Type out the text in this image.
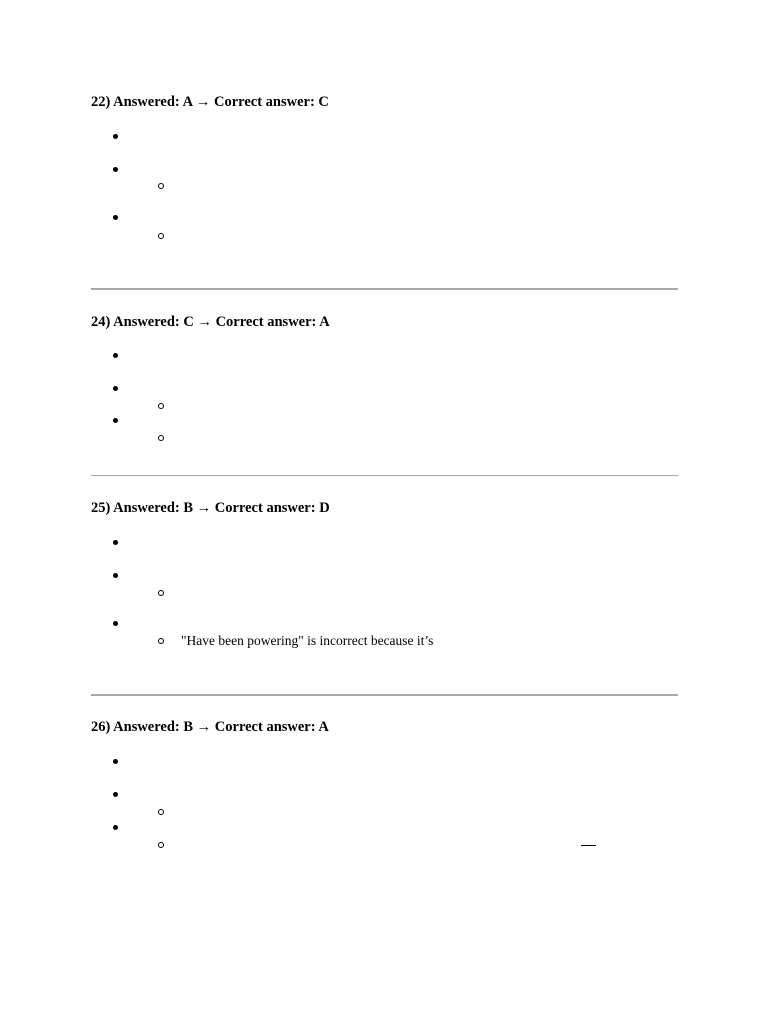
22) Answered: A → Correct answer: C
24) Answered: C → Correct answer: A
25) Answered: B → Correct answer: D
"Have been powering" is incorrect because it’s
26) Answered: B → Correct answer: A
